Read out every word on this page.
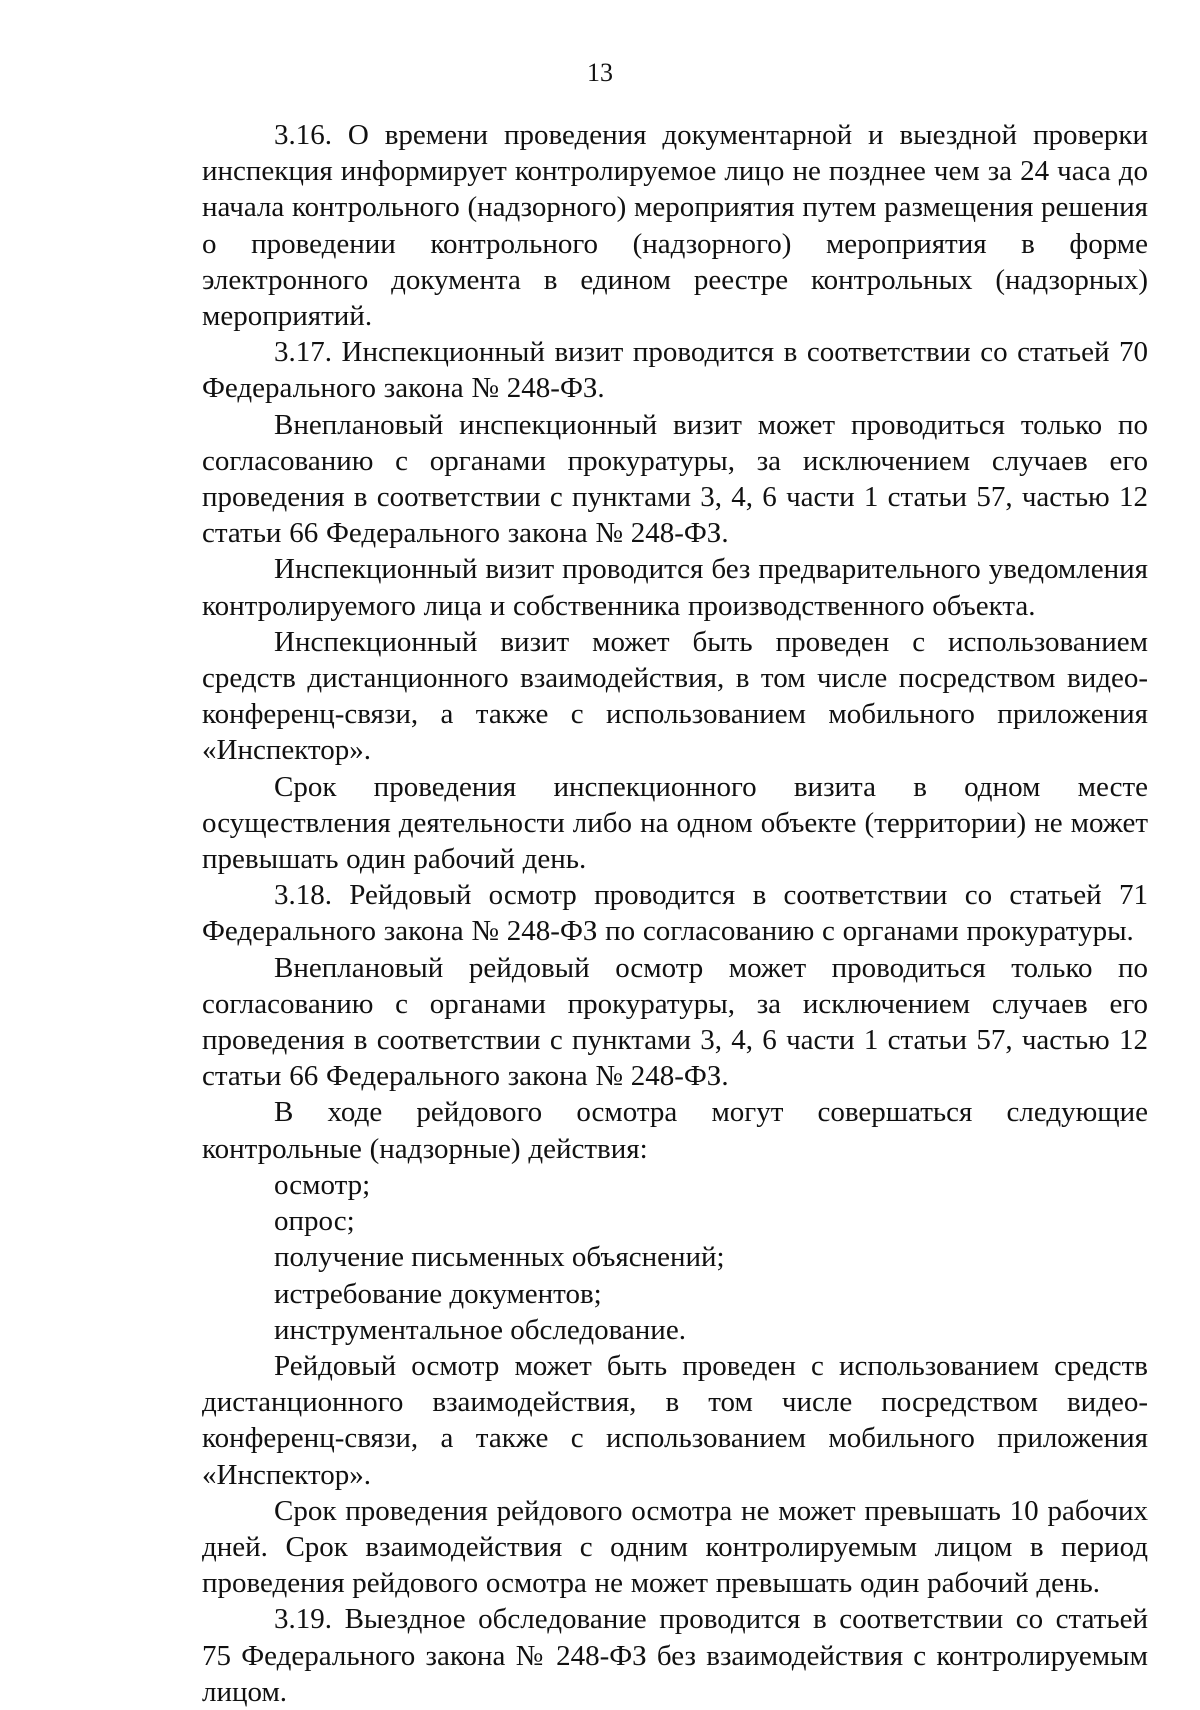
13

3.16. О времени проведения документарной и выездной проверки инспекция информирует контролируемое лицо не позднее чем за 24 часа до начала контрольного (надзорного) мероприятия путем размещения решения о проведении контрольного (надзорного) мероприятия в форме электронного документа в едином реестре контрольных (надзорных) мероприятий.

3.17. Инспекционный визит проводится в соответствии со статьей 70 Федерального закона № 248-ФЗ.

Внеплановый инспекционный визит может проводиться только по согласованию с органами прокуратуры, за исключением случаев его проведения в соответствии с пунктами 3, 4, 6 части 1 статьи 57, частью 12 статьи 66 Федерального закона № 248-ФЗ.

Инспекционный визит проводится без предварительного уведомления контролируемого лица и собственника производственного объекта.

Инспекционный визит может быть проведен с использованием средств дистанционного взаимодействия, в том числе посредством видео-конференц-связи, а также с использованием мобильного приложения «Инспектор».

Срок проведения инспекционного визита в одном месте осуществления деятельности либо на одном объекте (территории) не может превышать один рабочий день.

3.18. Рейдовый осмотр проводится в соответствии со статьей 71 Федерального закона № 248-ФЗ по согласованию с органами прокуратуры.

Внеплановый рейдовый осмотр может проводиться только по согласованию с органами прокуратуры, за исключением случаев его проведения в соответствии с пунктами 3, 4, 6 части 1 статьи 57, частью 12 статьи 66 Федерального закона № 248-ФЗ.

В ходе рейдового осмотра могут совершаться следующие контрольные (надзорные) действия:

осмотр;

опрос;

получение письменных объяснений;

истребование документов;

инструментальное обследование.

Рейдовый осмотр может быть проведен с использованием средств дистанционного взаимодействия, в том числе посредством видео-конференц-связи, а также с использованием мобильного приложения «Инспектор».

Срок проведения рейдового осмотра не может превышать 10 рабочих дней. Срок взаимодействия с одним контролируемым лицом в период проведения рейдового осмотра не может превышать один рабочий день.

3.19. Выездное обследование проводится в соответствии со статьей 75 Федерального закона № 248-ФЗ без взаимодействия с контролируемым лицом.
